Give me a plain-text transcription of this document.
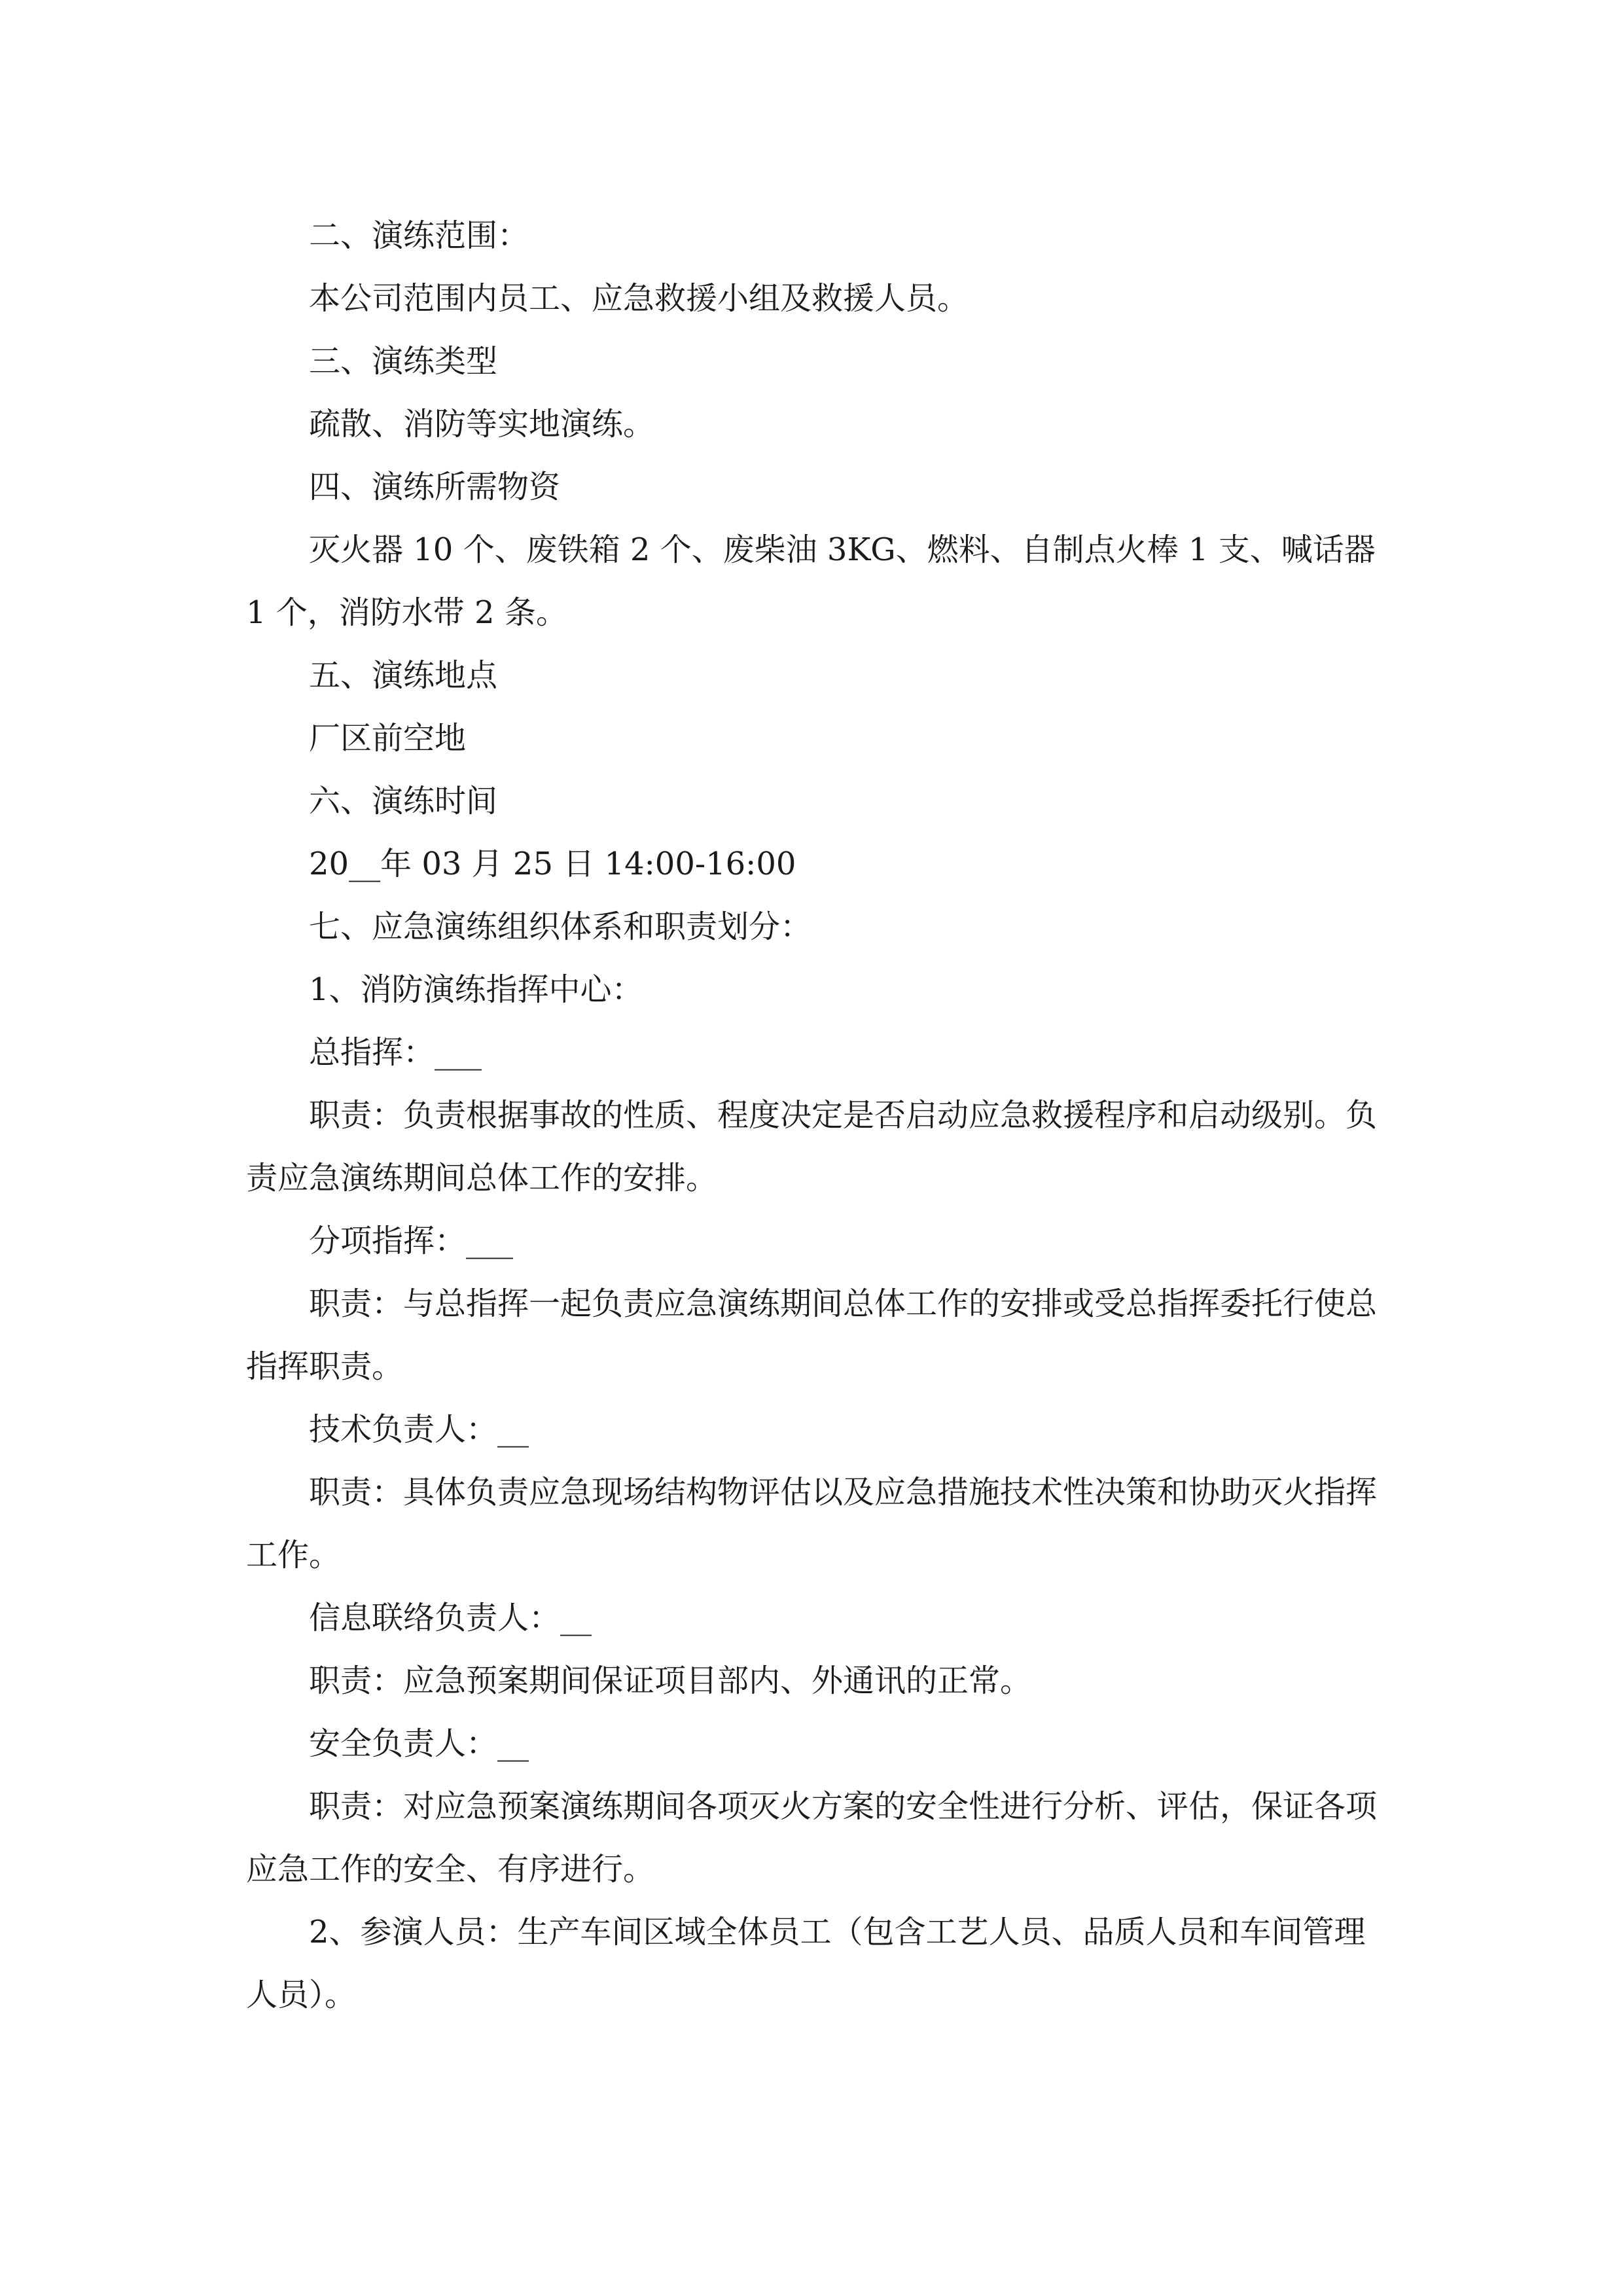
二、演练范围：

本公司范围内员工、应急救援小组及救援人员。

三、演练类型

疏散、消防等实地演练。

四、演练所需物资

灭火器 10 个、废铁箱 2 个、废柴油 3KG、燃料、自制点火棒 1 支、喊话器 1 个，消防水带 2 条。

五、演练地点

厂区前空地

六、演练时间

20__年 03 月 25 日 14:00-16:00

七、应急演练组织体系和职责划分：

1、消防演练指挥中心：

总指挥：___

职责：负责根据事故的性质、程度决定是否启动应急救援程序和启动级别。负责应急演练期间总体工作的安排。

分项指挥：___

职责：与总指挥一起负责应急演练期间总体工作的安排或受总指挥委托行使总指挥职责。

技术负责人：__

职责：具体负责应急现场结构物评估以及应急措施技术性决策和协助灭火指挥工作。

信息联络负责人：__

职责：应急预案期间保证项目部内、外通讯的正常。

安全负责人：__

职责：对应急预案演练期间各项灭火方案的安全性进行分析、评估，保证各项应急工作的安全、有序进行。

2、参演人员：生产车间区域全体员工（包含工艺人员、品质人员和车间管理人员）。
